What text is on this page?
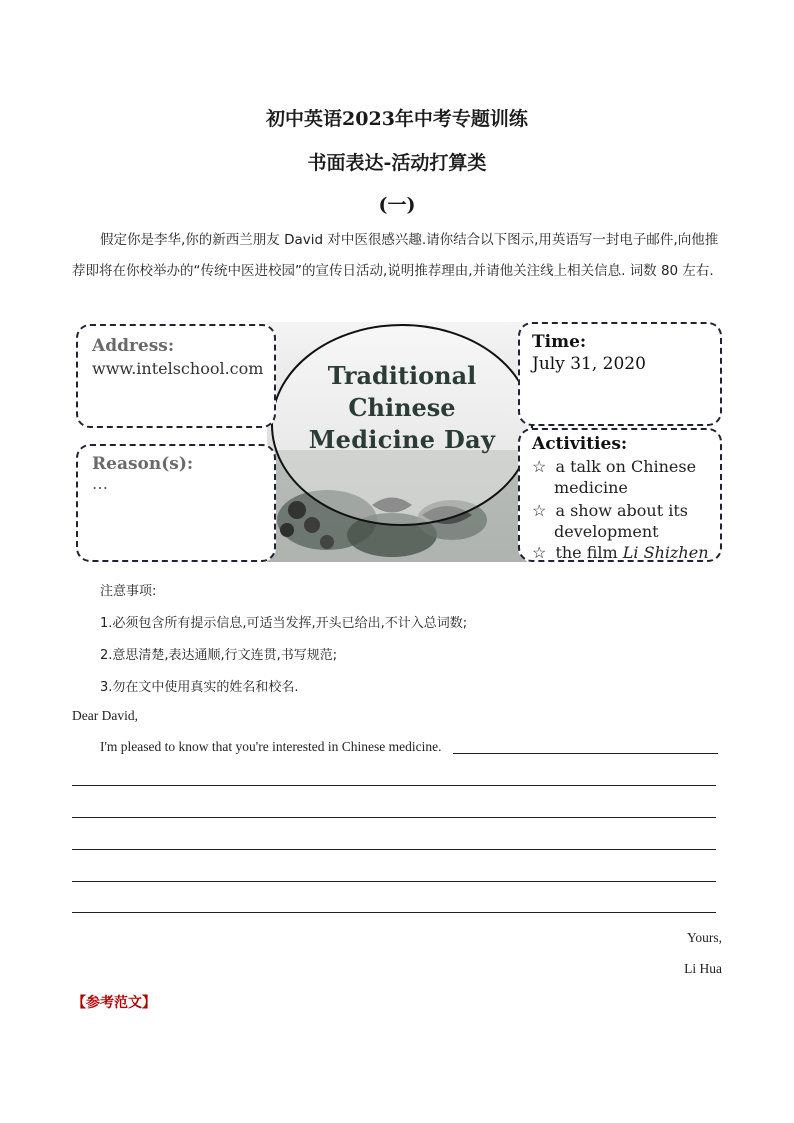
初中英语2023年中考专题训练
书面表达-活动打算类
(一)
假定你是李华,你的新西兰朋友 David 对中医很感兴趣.请你结合以下图示,用英语写一封电子邮件,向他推荐即将在你校举办的“传统中医进校园”的宣传日活动,说明推荐理由,并请他关注线上相关信息. 词数 80 左右.
Address:
www.intelschool.com
Reason(s):
…
Traditional
Chinese
Medicine Day
Time:
July 31, 2020
Activities:
☆ a talk on Chinese
medicine
☆ a show about its
development
☆ the film Li Shizhen
注意事项:
1.必须包含所有提示信息,可适当发挥,开头已给出,不计入总词数;
2.意思清楚,表达通顺,行文连贯,书写规范;
3.勿在文中使用真实的姓名和校名.
Dear David,
I'm pleased to know that you're interested in Chinese medicine.
Yours,
Li Hua
【参考范文】
